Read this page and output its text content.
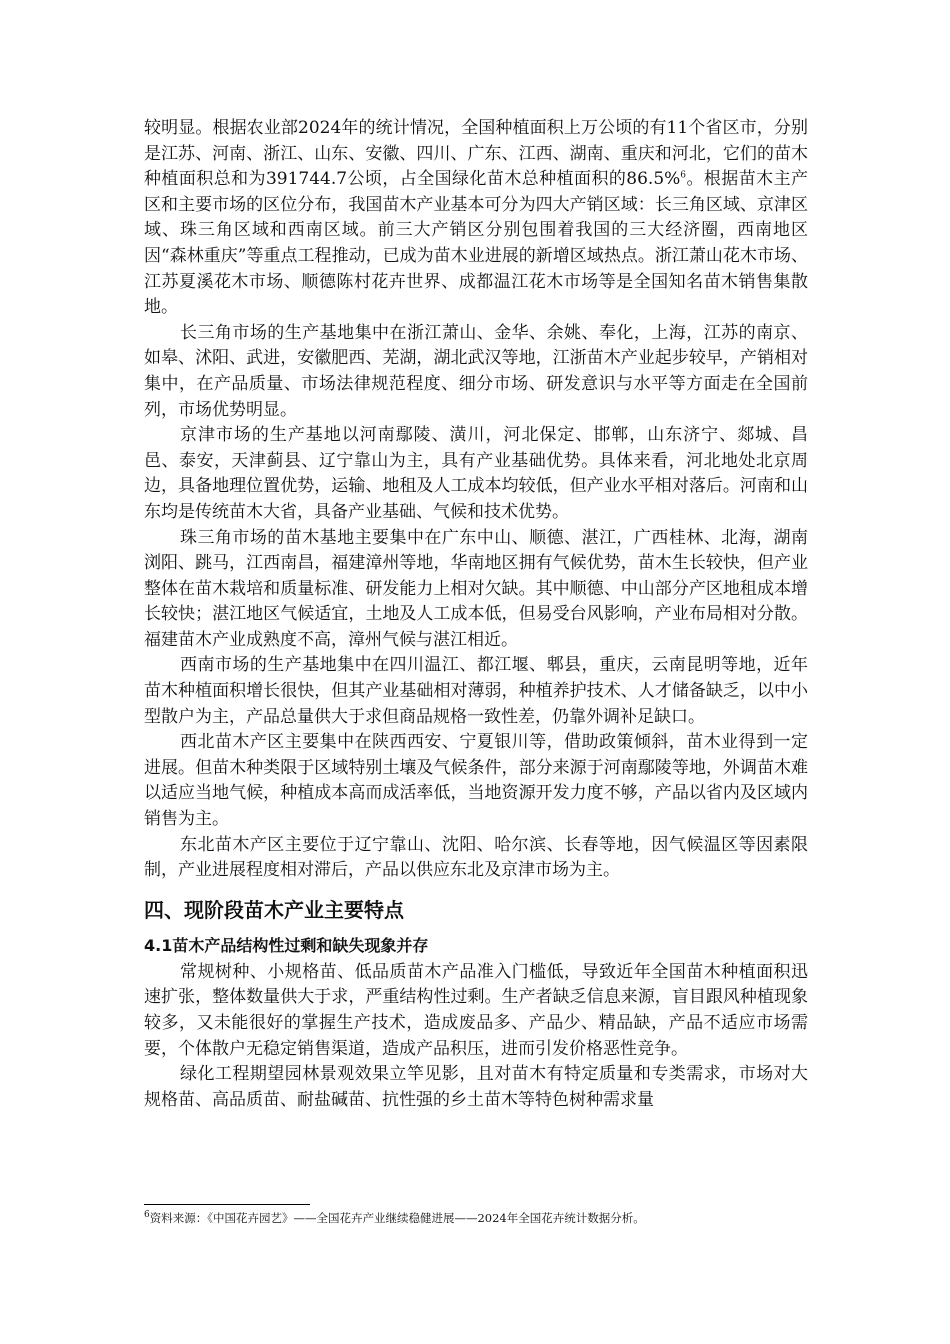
较明显。根据农业部2024年的统计情况，全国种植面积上万公顷的有11个省区市，分别是江苏、河南、浙江、山东、安徽、四川、广东、江西、湖南、重庆和河北，它们的苗木种植面积总和为391744.7公顷，占全国绿化苗木总种植面积的86.5%$^6$。根据苗木主产区和主要市场的区位分布，我国苗木产业基本可分为四大产销区域：长三角区域、京津区域、珠三角区域和西南区域。前三大产销区分别包围着我国的三大经济圈，西南地区因“森林重庆”等重点工程推动，已成为苗木业进展的新增区域热点。浙江萧山花木市场、江苏夏溪花木市场、顺德陈村花卉世界、成都温江花木市场等是全国知名苗木销售集散地。

长三角市场的生产基地集中在浙江萧山、金华、余姚、奉化，上海，江苏的南京、如皋、沭阳、武进，安徽肥西、芜湖，湖北武汉等地，江浙苗木产业起步较早，产销相对集中，在产品质量、市场法律规范程度、细分市场、研发意识与水平等方面走在全国前列，市场优势明显。

京津市场的生产基地以河南鄢陵、潢川，河北保定、邯郸，山东济宁、郯城、昌邑、泰安，天津蓟县、辽宁靠山为主，具有产业基础优势。具体来看，河北地处北京周边，具备地理位置优势，运输、地租及人工成本均较低，但产业水平相对落后。河南和山东均是传统苗木大省，具备产业基础、气候和技术优势。

珠三角市场的苗木基地主要集中在广东中山、顺德、湛江，广西桂林、北海，湖南浏阳、跳马，江西南昌，福建漳州等地，华南地区拥有气候优势，苗木生长较快，但产业整体在苗木栽培和质量标准、研发能力上相对欠缺。其中顺德、中山部分产区地租成本增长较快；湛江地区气候适宜，土地及人工成本低，但易受台风影响，产业布局相对分散。福建苗木产业成熟度不高，漳州气候与湛江相近。

西南市场的生产基地集中在四川温江、都江堰、郫县，重庆，云南昆明等地，近年苗木种植面积增长很快，但其产业基础相对薄弱，种植养护技术、人才储备缺乏，以中小型散户为主，产品总量供大于求但商品规格一致性差，仍靠外调补足缺口。

西北苗木产区主要集中在陕西西安、宁夏银川等，借助政策倾斜，苗木业得到一定进展。但苗木种类限于区域特别土壤及气候条件，部分来源于河南鄢陵等地，外调苗木难以适应当地气候，种植成本高而成活率低，当地资源开发力度不够，产品以省内及区域内销售为主。

东北苗木产区主要位于辽宁靠山、沈阳、哈尔滨、长春等地，因气候温区等因素限制，产业进展程度相对滞后，产品以供应东北及京津市场为主。

四、现阶段苗木产业主要特点
4.1苗木产品结构性过剩和缺失现象并存

常规树种、小规格苗、低品质苗木产品准入门槛低，导致近年全国苗木种植面积迅速扩张，整体数量供大于求，严重结构性过剩。生产者缺乏信息来源，盲目跟风种植现象较多，又未能很好的掌握生产技术，造成废品多、产品少、精品缺，产品不适应市场需要，个体散户无稳定销售渠道，造成产品积压，进而引发价格恶性竞争。

绿化工程期望园林景观效果立竿见影，且对苗木有特定质量和专类需求，市场对大规格苗、高品质苗、耐盐碱苗、抗性强的乡土苗木等特色树种需求量

$^6$资料来源：《中国花卉园艺》——全国花卉产业继续稳健进展——2024年全国花卉统计数据分析。
